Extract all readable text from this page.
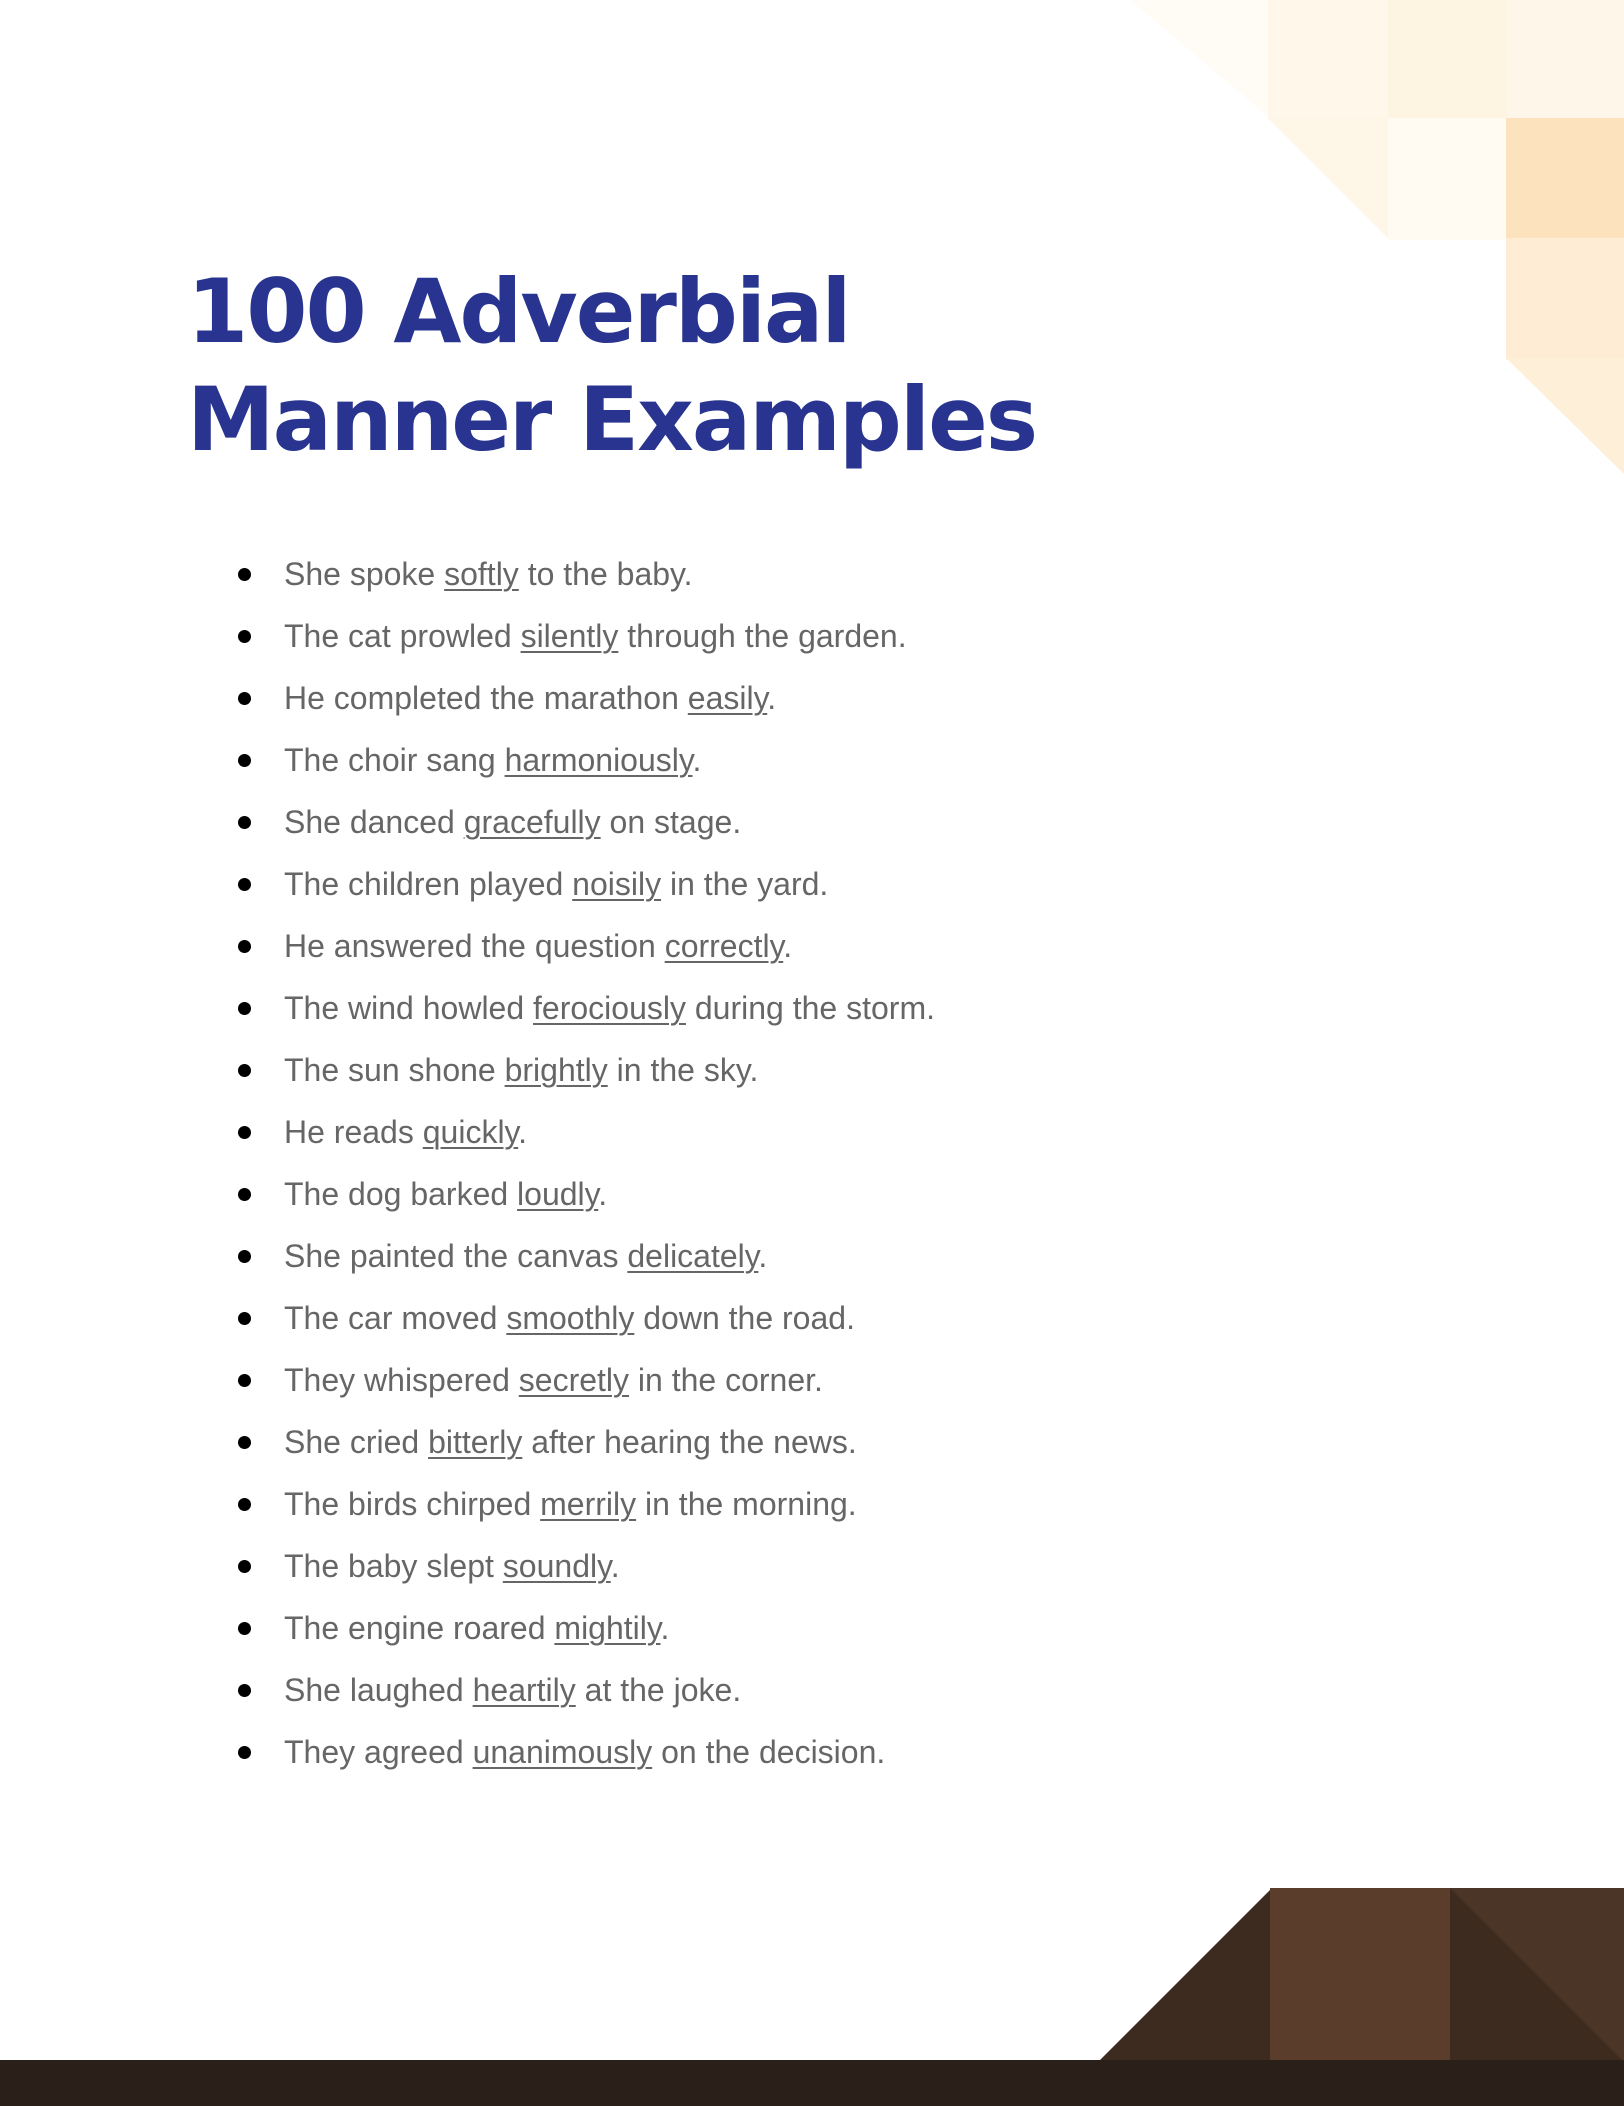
100 Adverbial Manner Examples
She spoke softly to the baby.
The cat prowled silently through the garden.
He completed the marathon easily.
The choir sang harmoniously.
She danced gracefully on stage.
The children played noisily in the yard.
He answered the question correctly.
The wind howled ferociously during the storm.
The sun shone brightly in the sky.
He reads quickly.
The dog barked loudly.
She painted the canvas delicately.
The car moved smoothly down the road.
They whispered secretly in the corner.
She cried bitterly after hearing the news.
The birds chirped merrily in the morning.
The baby slept soundly.
The engine roared mightily.
She laughed heartily at the joke.
They agreed unanimously on the decision.
